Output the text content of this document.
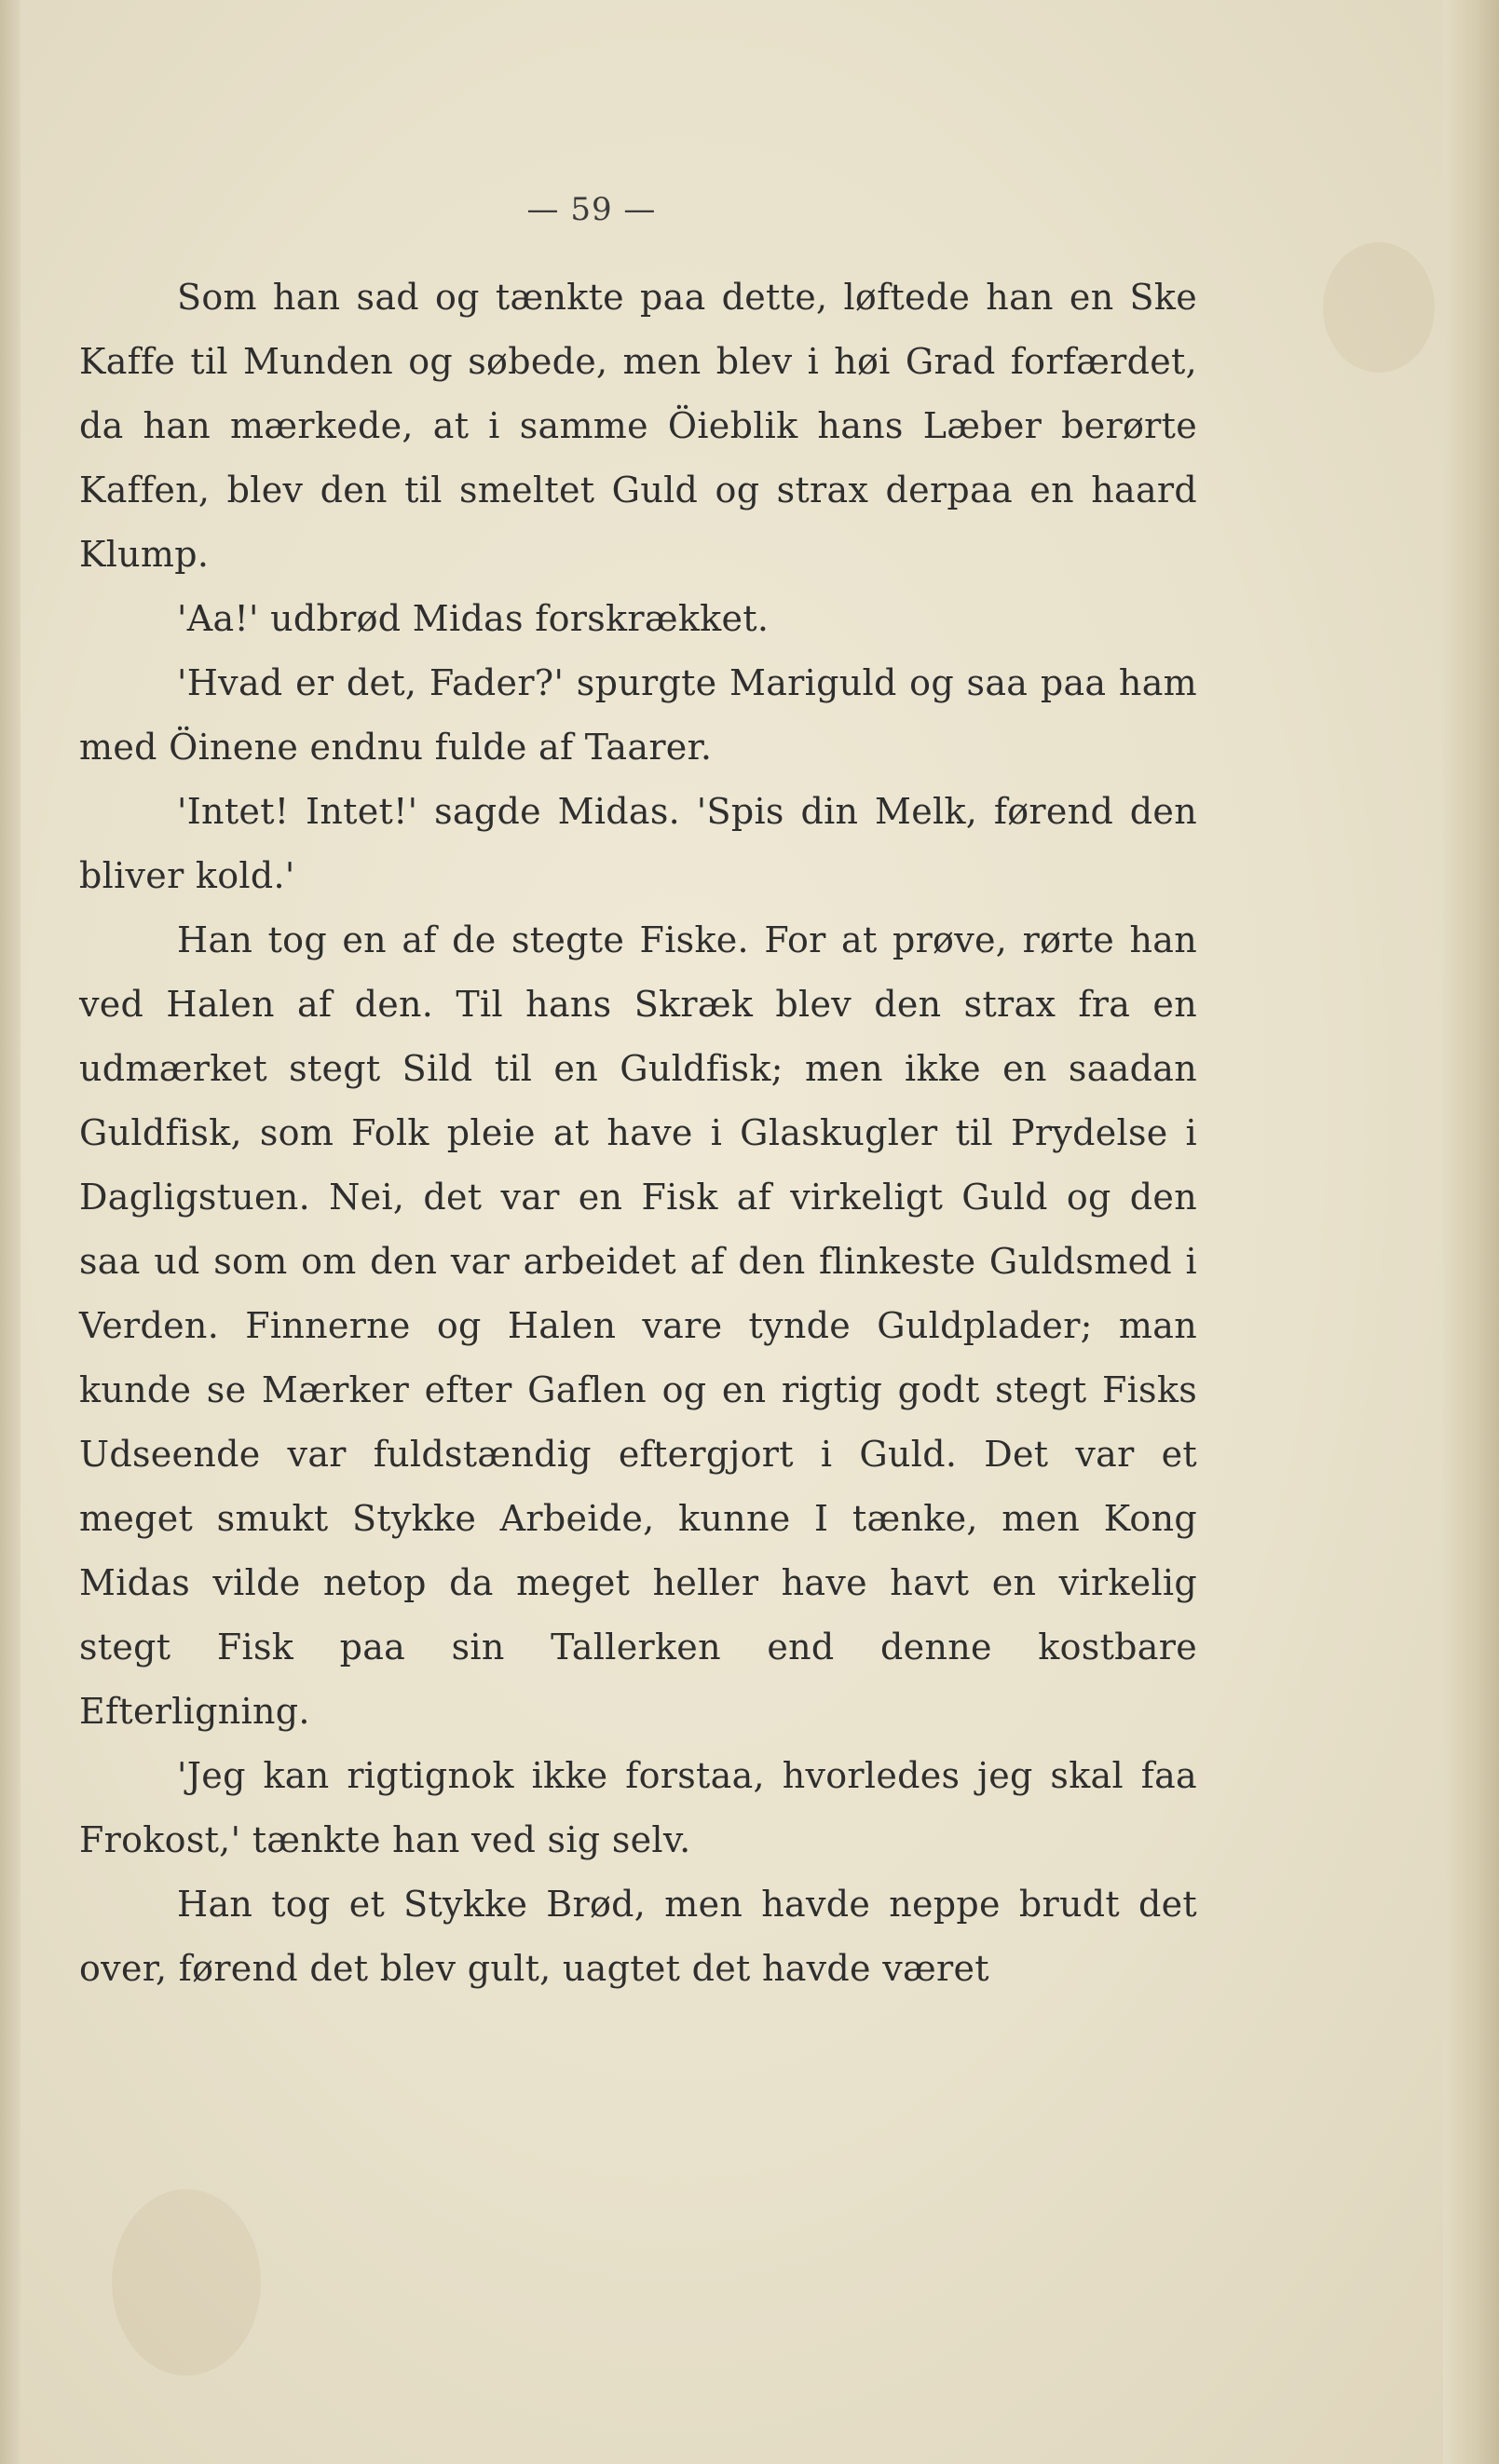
— 59 —

Som han sad og tænkte paa dette, løftede han en Ske Kaffe til Munden og søbede, men blev i høi Grad forfærdet, da han mærkede, at i samme Öieblik hans Læber berørte Kaffen, blev den til smeltet Guld og strax derpaa en haard Klump.

'Aa!' udbrød Midas forskrækket.

'Hvad er det, Fader?' spurgte Mariguld og saa paa ham med Öinene endnu fulde af Taarer.

'Intet! Intet!' sagde Midas. 'Spis din Melk, førend den bliver kold.'

Han tog en af de stegte Fiske. For at prøve, rørte han ved Halen af den. Til hans Skræk blev den strax fra en udmærket stegt Sild til en Guldfisk; men ikke en saadan Guldfisk, som Folk pleie at have i Glaskugler til Prydelse i Dagligstuen. Nei, det var en Fisk af virkeligt Guld og den saa ud som om den var arbeidet af den flinkeste Guldsmed i Verden. Finnerne og Halen vare tynde Guldplader; man kunde se Mærker efter Gaflen og en rigtig godt stegt Fisks Udseende var fuldstændig eftergjort i Guld. Det var et meget smukt Stykke Arbeide, kunne I tænke, men Kong Midas vilde netop da meget heller have havt en virkelig stegt Fisk paa sin Tallerken end denne kostbare Efterligning.

'Jeg kan rigtignok ikke forstaa, hvorledes jeg skal faa Frokost,' tænkte han ved sig selv.

Han tog et Stykke Brød, men havde neppe brudt det over, førend det blev gult, uagtet det havde været
